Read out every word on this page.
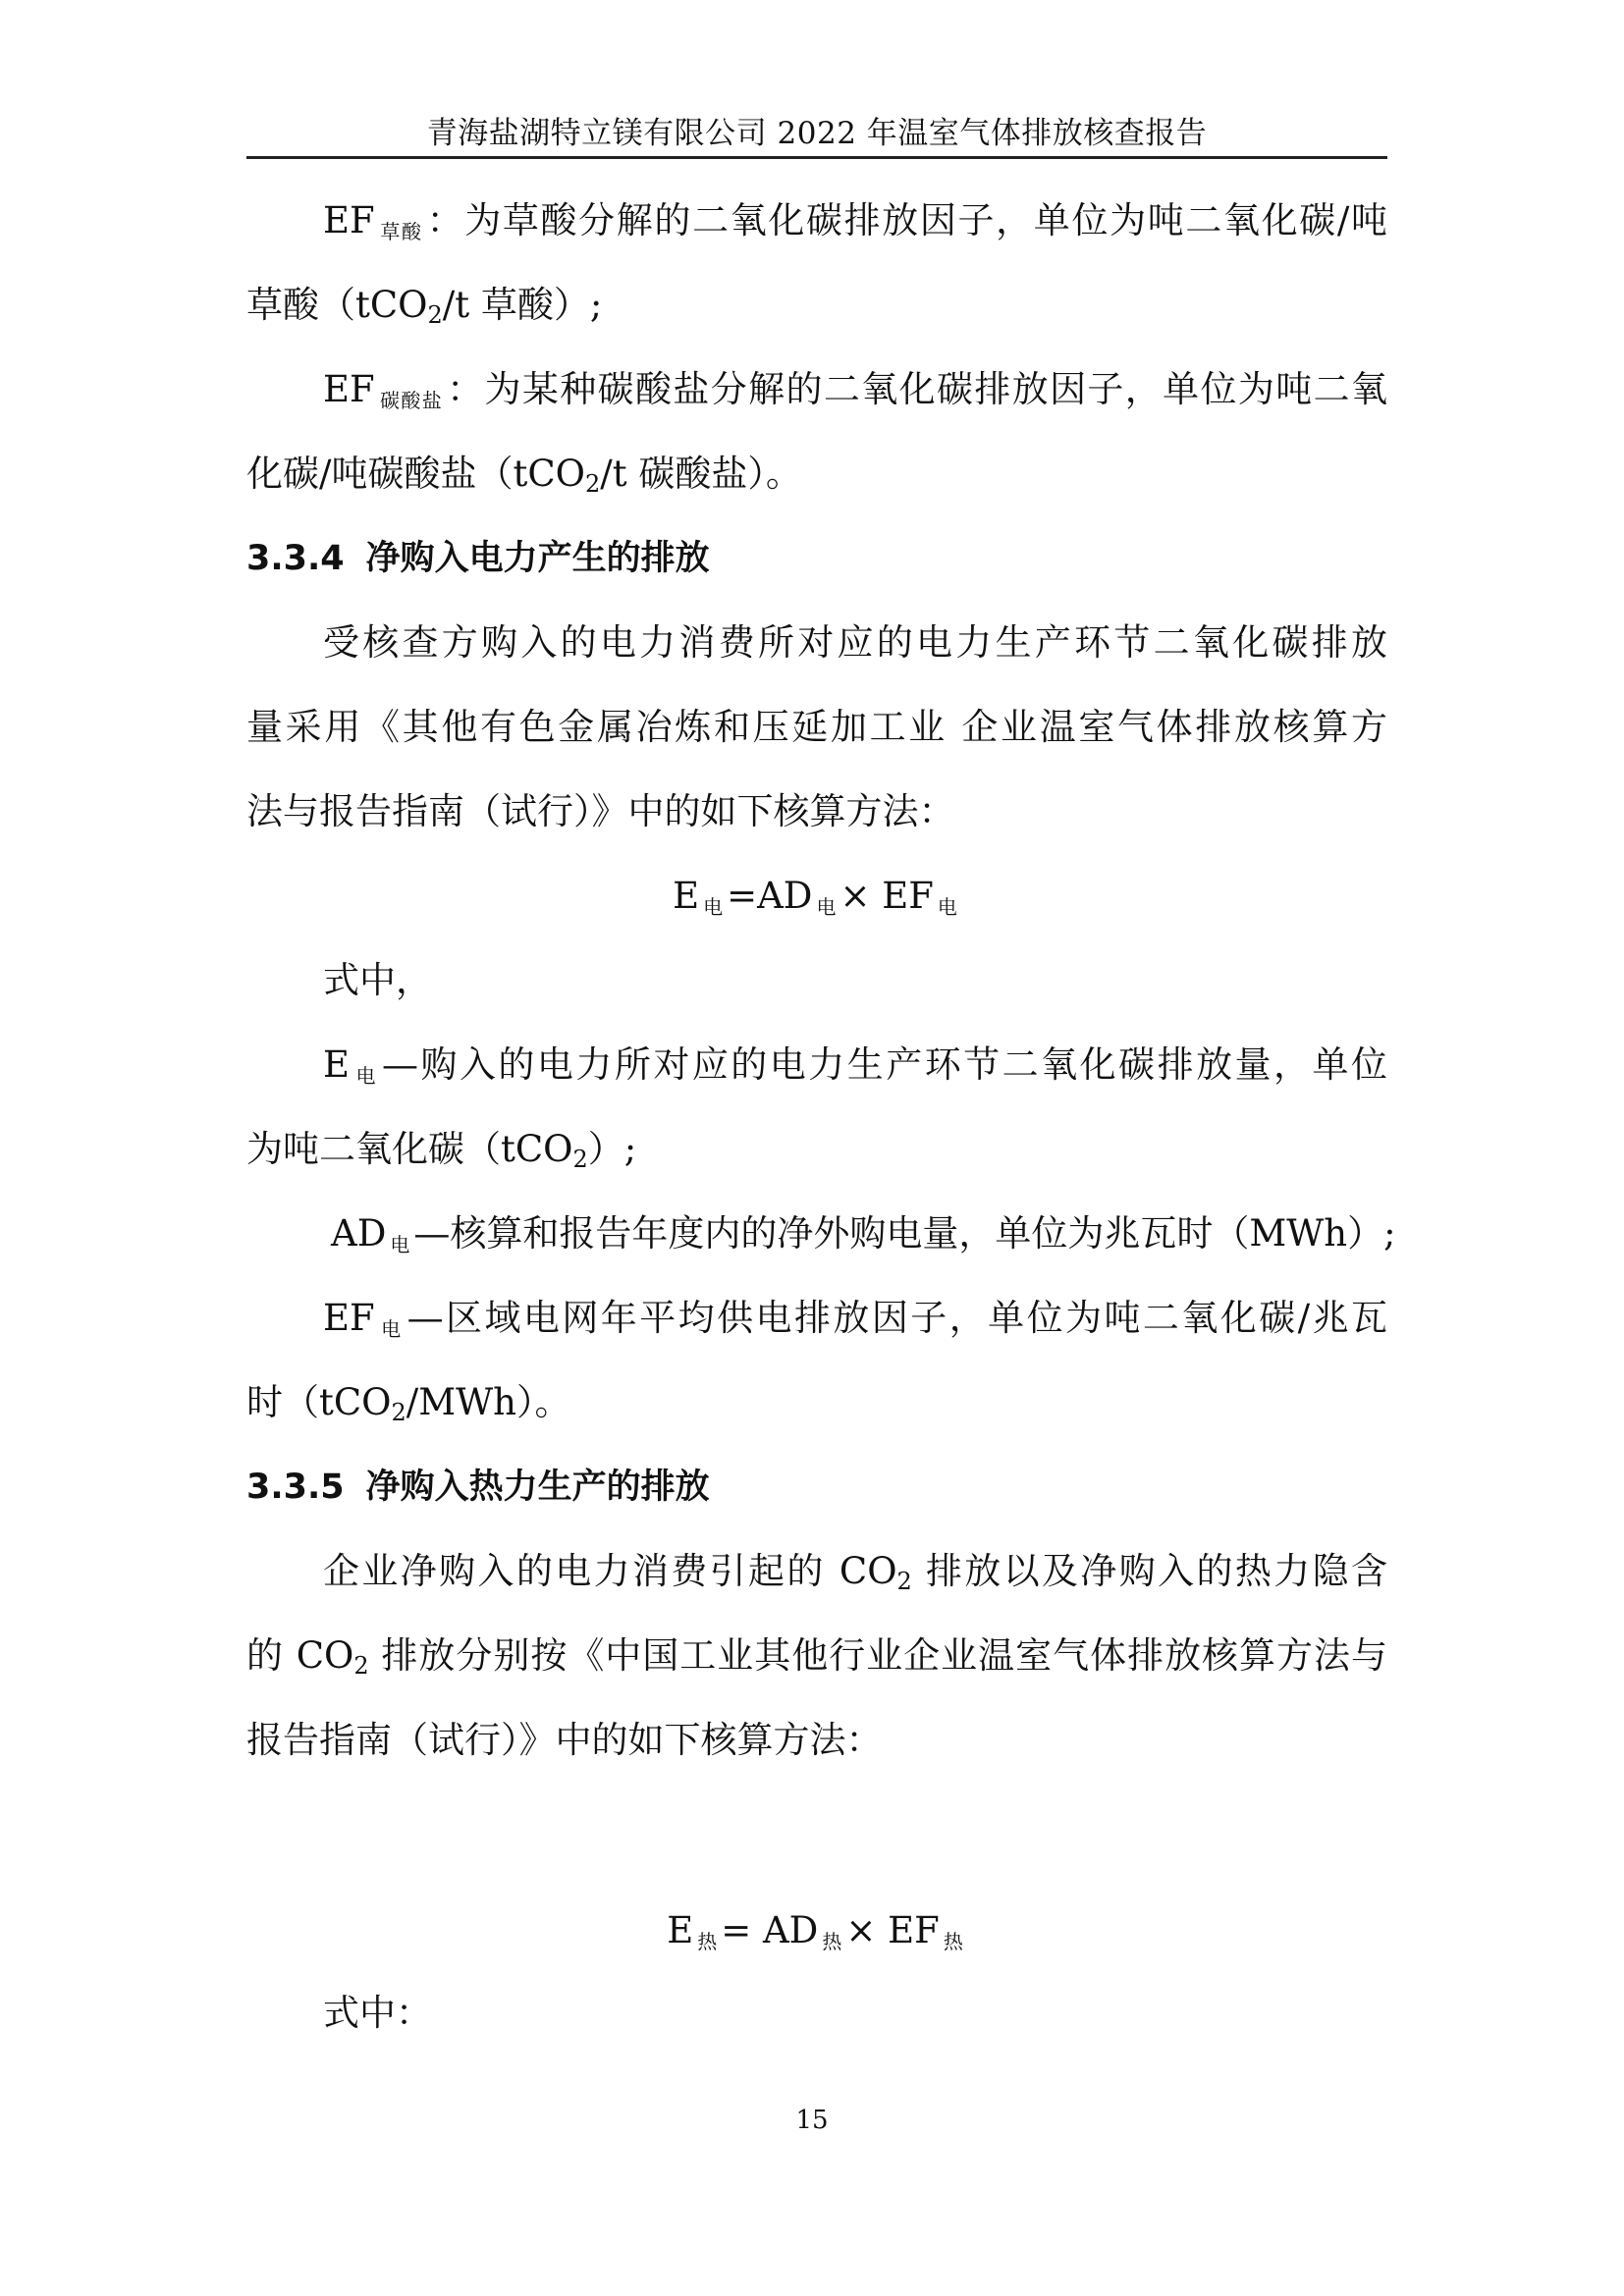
青海盐湖特立镁有限公司 2022 年温室气体排放核查报告
EF $_{草酸}$ ：为草酸分解的二氧化碳排放因子，单位为吨二氧化碳/吨
草酸（tCO2/t 草酸）;
EF $_{碳酸盐}$ ：为某种碳酸盐分解的二氧化碳排放因子，单位为吨二氧
化碳/吨碳酸盐（tCO2/t 碳酸盐）。
3.3.4 净购入电力产生的排放
受核查方购入的电力消费所对应的电力生产环节二氧化碳排放
量采用《其他有色金属冶炼和压延加工业 企业温室气体排放核算方
法与报告指南（试行）》中的如下核算方法：
E $_电$ =AD $_电$ × EF $_电$
式中，
E $_电$ —购入的电力所对应的电力生产环节二氧化碳排放量，单位
为吨二氧化碳（tCO2）;
AD $_电$ —核算和报告年度内的净外购电量，单位为兆瓦时（MWh）;
EF $_电$ —区域电网年平均供电排放因子，单位为吨二氧化碳/兆瓦
时（tCO2/MWh）。
3.3.5 净购入热力生产的排放
企业净购入的电力消费引起的 CO2 排放以及净购入的热力隐含
的 CO2 排放分别按《中国工业其他行业企业温室气体排放核算方法与
报告指南（试行）》中的如下核算方法：
E $_热$ = AD $_热$ × EF $_热$
式中：
15
